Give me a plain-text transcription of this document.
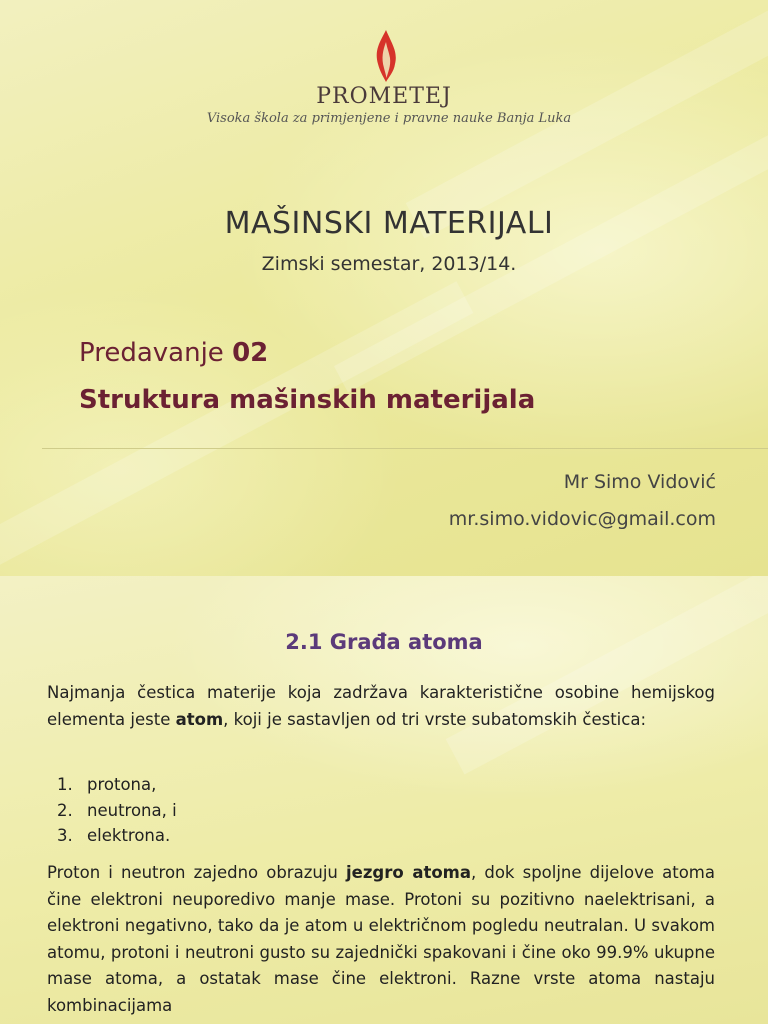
PROMETEJ
Visoka škola za primjenjene i pravne nauke Banja Luka
MAŠINSKI MATERIJALI
Zimski semestar, 2013/14.
Predavanje 02
Struktura mašinskih materijala
Mr Simo Vidović
mr.simo.vidovic@gmail.com
2.1 Građa atoma
Najmanja čestica materije koja zadržava karakteristične osobine hemijskog elementa jeste atom, koji je sastavljen od tri vrste subatomskih čestica:
1. protona,
2. neutrona, i
3. elektrona.
Proton i neutron zajedno obrazuju jezgro atoma, dok spoljne dijelove atoma čine elektroni neuporedivo manje mase. Protoni su pozitivno naelektrisani, a elektroni negativno, tako da je atom u električnom pogledu neutralan. U svakom atomu, protoni i neutroni gusto su zajednički spakovani i čine oko 99.9% ukupne mase atoma, a ostatak mase čine elektroni. Razne vrste atoma nastaju kombinacijama
